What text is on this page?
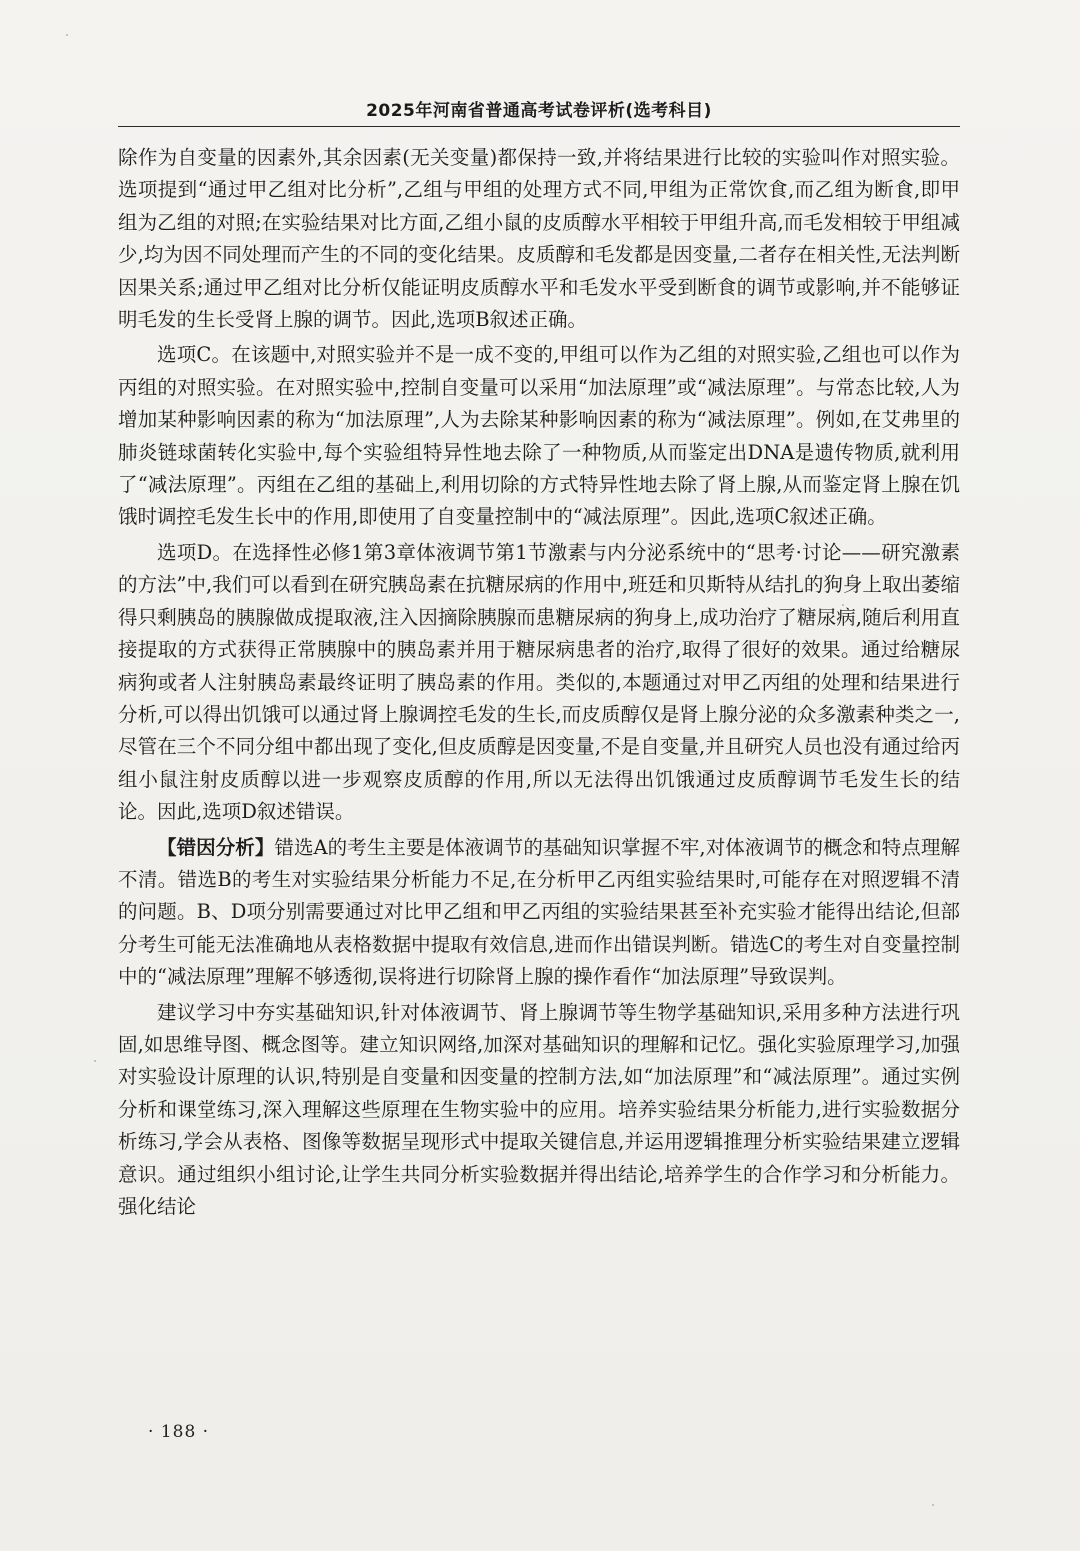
2025年河南省普通高考试卷评析(选考科目)

除作为自变量的因素外,其余因素(无关变量)都保持一致,并将结果进行比较的实验叫作对照实验。选项提到“通过甲乙组对比分析”,乙组与甲组的处理方式不同,甲组为正常饮食,而乙组为断食,即甲组为乙组的对照;在实验结果对比方面,乙组小鼠的皮质醇水平相较于甲组升高,而毛发相较于甲组减少,均为因不同处理而产生的不同的变化结果。皮质醇和毛发都是因变量,二者存在相关性,无法判断因果关系;通过甲乙组对比分析仅能证明皮质醇水平和毛发水平受到断食的调节或影响,并不能够证明毛发的生长受肾上腺的调节。因此,选项B叙述正确。

选项C。在该题中,对照实验并不是一成不变的,甲组可以作为乙组的对照实验,乙组也可以作为丙组的对照实验。在对照实验中,控制自变量可以采用“加法原理”或“减法原理”。与常态比较,人为增加某种影响因素的称为“加法原理”,人为去除某种影响因素的称为“减法原理”。例如,在艾弗里的肺炎链球菌转化实验中,每个实验组特异性地去除了一种物质,从而鉴定出DNA是遗传物质,就利用了“减法原理”。丙组在乙组的基础上,利用切除的方式特异性地去除了肾上腺,从而鉴定肾上腺在饥饿时调控毛发生长中的作用,即使用了自变量控制中的“减法原理”。因此,选项C叙述正确。

选项D。在选择性必修1第3章体液调节第1节激素与内分泌系统中的“思考·讨论——研究激素的方法”中,我们可以看到在研究胰岛素在抗糖尿病的作用中,班廷和贝斯特从结扎的狗身上取出萎缩得只剩胰岛的胰腺做成提取液,注入因摘除胰腺而患糖尿病的狗身上,成功治疗了糖尿病,随后利用直接提取的方式获得正常胰腺中的胰岛素并用于糖尿病患者的治疗,取得了很好的效果。通过给糖尿病狗或者人注射胰岛素最终证明了胰岛素的作用。类似的,本题通过对甲乙丙组的处理和结果进行分析,可以得出饥饿可以通过肾上腺调控毛发的生长,而皮质醇仅是肾上腺分泌的众多激素种类之一,尽管在三个不同分组中都出现了变化,但皮质醇是因变量,不是自变量,并且研究人员也没有通过给丙组小鼠注射皮质醇以进一步观察皮质醇的作用,所以无法得出饥饿通过皮质醇调节毛发生长的结论。因此,选项D叙述错误。

【错因分析】错选A的考生主要是体液调节的基础知识掌握不牢,对体液调节的概念和特点理解不清。错选B的考生对实验结果分析能力不足,在分析甲乙丙组实验结果时,可能存在对照逻辑不清的问题。B、D项分别需要通过对比甲乙组和甲乙丙组的实验结果甚至补充实验才能得出结论,但部分考生可能无法准确地从表格数据中提取有效信息,进而作出错误判断。错选C的考生对自变量控制中的“减法原理”理解不够透彻,误将进行切除肾上腺的操作看作“加法原理”导致误判。

建议学习中夯实基础知识,针对体液调节、肾上腺调节等生物学基础知识,采用多种方法进行巩固,如思维导图、概念图等。建立知识网络,加深对基础知识的理解和记忆。强化实验原理学习,加强对实验设计原理的认识,特别是自变量和因变量的控制方法,如“加法原理”和“减法原理”。通过实例分析和课堂练习,深入理解这些原理在生物实验中的应用。培养实验结果分析能力,进行实验数据分析练习,学会从表格、图像等数据呈现形式中提取关键信息,并运用逻辑推理分析实验结果建立逻辑意识。通过组织小组讨论,让学生共同分析实验数据并得出结论,培养学生的合作学习和分析能力。强化结论

· 188 ·
